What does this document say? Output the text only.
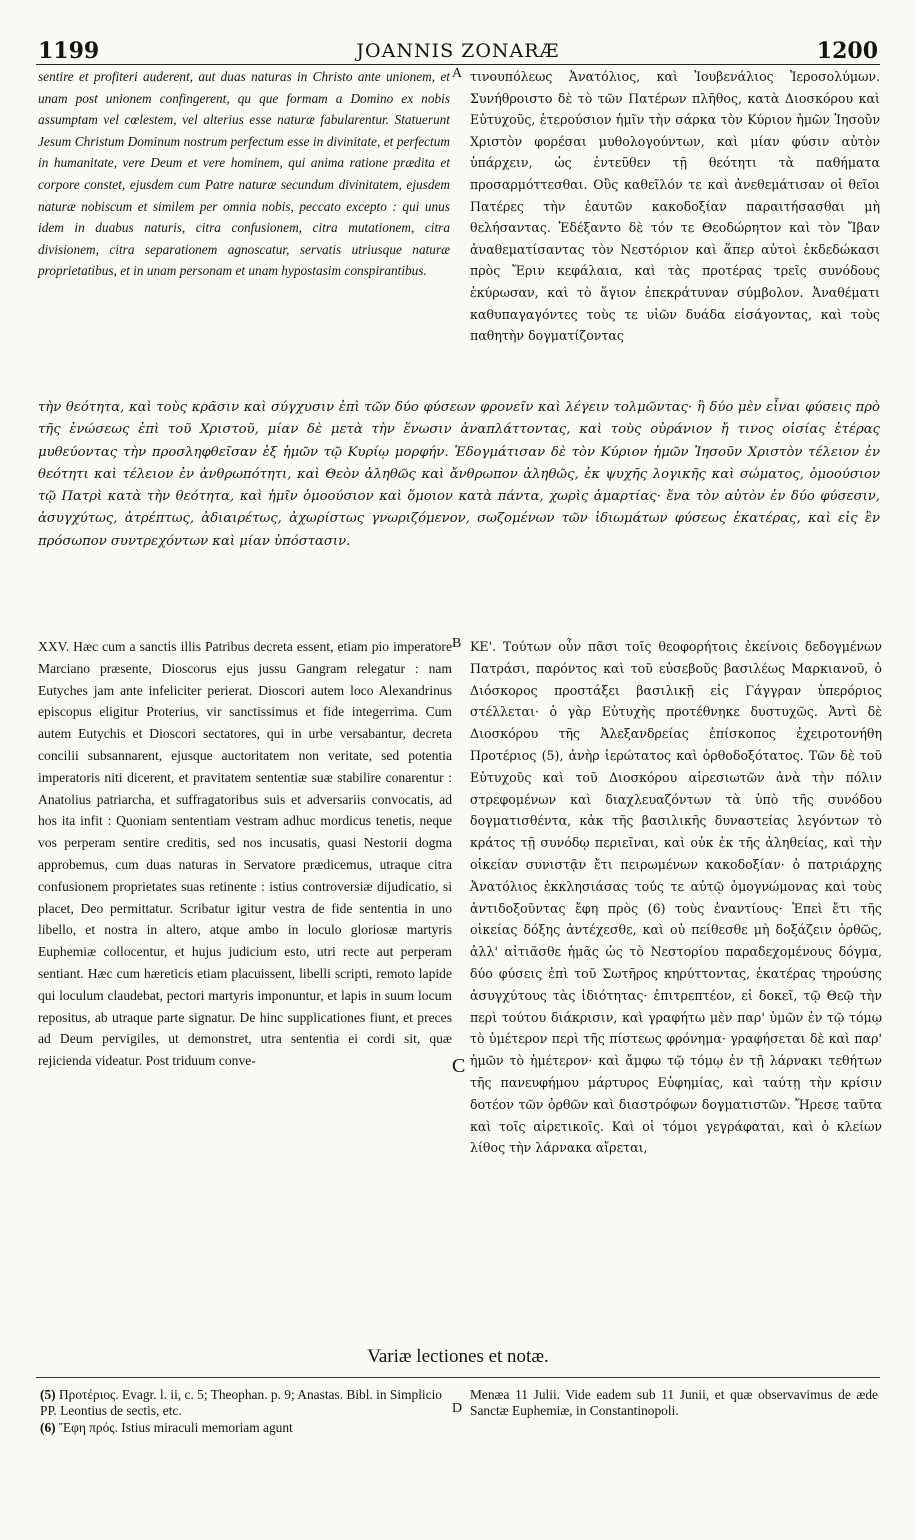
1199	JOANNIS ZONARÆ	1200
sentire et profiteri auderent, aut duas naturas in Christo ante unionem, et unam post unionem confingerent, qu que formam a Domino ex nobis assumptam vel cœlestem, vel alterius esse naturæ fabularentur. Statuerunt Jesum Christum Dominum nostrum perfectum esse in divinitate, et perfectum in humanitate, vere Deum et vere hominem, qui anima ratione prædita et corpore constet, ejusdem cum Patre naturæ secundum divinitatem, ejusdem naturæ nobiscum et similem per omnia nobis, peccato excepto : qui unus idem in duabus naturis, citra confusionem, citra mutationem, citra divisionem, citra separationem agnoscatur, servatis utriusque naturæ proprietatibus, et in unam personam et unam hypostasim conspirantibus.
A τινουπόλεως Ἀνατόλιος, καὶ Ἰουβενάλιος Ἱεροσολύμων. Συνήθροιστο δὲ τὸ τῶν Πατέρων πλῆθος, κατὰ Διοσκόρου καὶ Εὐτυχοῦς, ἑτερούσιον ἡμῖν τὴν σάρκα τὸν Κύριον ἡμῶν Ἰησοῦν Χριστὸν φορέσαι μυθολογούντων, καὶ μίαν φύσιν αὐτὸν ὑπάρχειν, ὡς ἐντεῦθεν τῇ θεότητι τὰ παθήματα προσαρμόττεσθαι. Οὓς καθεῖλόν τε καὶ ἀνεθεμάτισαν οἱ θεῖοι Πατέρες τὴν ἑαυτῶν κακοδοξίαν παραιτήσασθαι μὴ θελήσαντας. Ἐδέξαντο δὲ τόν τε Θεοδώρητον καὶ τὸν Ἴβαν ἀναθεματίσαντας τὸν Νεστόριον καὶ ἅπερ αὐτοὶ ἐκδεδώκασι πρὸς Ἔριν κεφάλαια, καὶ τὰς προτέρας τρεῖς συνόδους ἐκύρωσαν, καὶ τὸ ἅγιον ἐπεκράτυναν σύμβολον. Ἀναθέματι καθυπαγαγόντες τοὺς τε υἱῶν δυάδα εἰσάγοντας, καὶ τοὺς παθητὴν δογματίζοντας
τὴν θεότητα, καὶ τοὺς κρᾶσιν καὶ σύγχυσιν ἐπὶ τῶν δύο φύσεων φρονεῖν καὶ λέγειν τολμῶντας· ἢ δύο μὲν εἶναι φύσεις πρὸ τῆς ἑνώσεως ἐπὶ τοῦ Χριστοῦ, μίαν δὲ μετὰ τὴν ἕνωσιν ἀναπλάττοντας, καὶ τοὺς οὐράνιον ἤ τινος οἰσίας ἑτέρας μυθεύοντας τὴν προσληφθεῖσαν ἐξ ἡμῶν τῷ Κυρίῳ μορφήν. Ἐδογμάτισαν δὲ τὸν Κύριον ἡμῶν Ἰησοῦν Χριστὸν τέλειον ἐν θεότητι καὶ τέλειον ἐν ἀνθρωπότητι, καὶ Θεὸν ἀληθῶς καὶ ἄνθρωπον ἀληθῶς, ἐκ ψυχῆς λογικῆς καὶ σώματος, ὁμοούσιον τῷ Πατρὶ κατὰ τὴν θεότητα, καὶ ἡμῖν ὁμοούσιον καὶ ὅμοιον κατὰ πάντα, χωρὶς ἁμαρτίας· ἕνα τὸν αὐτὸν ἐν δύο φύσεσιν, ἀσυγχύτως, ἀτρέπτως, ἀδιαιρέτως, ἀχωρίστως γνωριζόμενον, σωζομένων τῶν ἰδιωμάτων φύσεως ἑκατέρας, καὶ εἰς ἓν πρόσωπον συντρεχόντων καὶ μίαν ὑπόστασιν.
XXV. Hæc cum a sanctis illis Patribus decreta essent, etiam pio imperatore Marciano præsente, Dioscorus ejus jussu Gangram relegatur : nam Eutyches jam ante infeliciter perierat. Dioscori autem loco Alexandrinus episcopus eligitur Proterius, vir sanctissimus et fide integerrima. Cum autem Eutychis et Dioscori sectatores, qui in urbe versabantur, decreta concilii subsannarent, ejusque auctoritatem non veritate, sed potentia imperatoris niti dicerent, et pravitatem sententiæ suæ stabilire conarentur : Anatolius patriarcha, et suffragatoribus suis et adversariis convocatis, ad hos ita infit : Quoniam sententiam vestram adhuc mordicus tenetis, neque vos perperam sentire creditis, sed nos incusatis, quasi Nestorii dogma approbemus, cum duas naturas in Servatore prædicemus, utraque citra confusionem proprietates suas retinente : istius controversiæ dijudicatio, si placet, Deo permittatur. Scribatur igitur vestra de fide sententia in uno libello, et nostra in altero, atque ambo in loculo gloriosæ martyris Euphemiæ collocentur, et hujus judicium esto, utri recte aut perperam sentiant. Hæc cum hæreticis etiam placuissent, libelli scripti, remoto lapide qui loculum claudebat, pectori martyris imponuntur, et lapis in suum locum repositus, ab utraque parte signatur. De hinc supplicationes fiunt, et preces ad Deum pervigiles, ut demonstret, utra sententia ei cordi sit, quæ rejicienda videatur. Post triduum conve-
B
C
ΚΕ'. Τούτων οὖν πᾶσι τοῖς θεοφορήτοις ἐκείνοις δεδογμένων Πατράσι, παρόντος καὶ τοῦ εὐσεβοῦς βασιλέως Μαρκιανοῦ, ὁ Διόσκορος προστάξει βασιλικῇ εἰς Γάγγραν ὑπερόριος στέλλεται· ὁ γὰρ Εὐτυχὴς προτέθνηκε δυστυχῶς. Ἀντὶ δὲ Διοσκόρου τῆς Ἀλεξανδρείας ἐπίσκοπος ἐχειροτονήθη Προτέριος (5), ἀνὴρ ἱερώτατος καὶ ὀρθοδοξότατος. Τῶν δὲ τοῦ Εὐτυχοῦς καὶ τοῦ Διοσκόρου αἱρεσιωτῶν ἀνὰ τὴν πόλιν στρεφομένων καὶ διαχλευαζόντων τὰ ὑπὸ τῆς συνόδου δογματισθέντα, κἀκ τῆς βασιλικῆς δυναστείας λεγόντων τὸ κράτος τῇ συνόδῳ περιεῖναι, καὶ οὐκ ἐκ τῆς ἀληθείας, καὶ τὴν οἰκείαν συνιστᾷν ἔτι πειρωμένων κακοδοξίαν· ὁ πατριάρχης Ἀνατόλιος ἐκκλησιάσας τούς τε αὐτῷ ὁμογνώμονας καὶ τοὺς ἀντιδοξοῦντας ἔφη πρὸς (6) τοὺς ἐναντίους· Ἐπεὶ ἔτι τῆς οἰκείας δόξης ἀντέχεσθε, καὶ οὐ πείθεσθε μὴ δοξάζειν ὀρθῶς, ἀλλ' αἰτιᾶσθε ἡμᾶς ὡς τὸ Νεστορίου παραδεχομένους δόγμα, δύο φύσεις ἐπὶ τοῦ Σωτῆρος κηρύττοντας, ἑκατέρας τηρούσης ἀσυγχύτους τὰς ἰδιότητας· ἐπιτρεπτέον, εἰ δοκεῖ, τῷ Θεῷ τὴν περὶ τούτου διάκρισιν, καὶ γραφήτω μὲν παρ' ὑμῶν ἐν τῷ τόμῳ τὸ ὑμέτερον περὶ τῆς πίστεως φρόνημα· γραφήσεται δὲ καὶ παρ' ἡμῶν τὸ ἡμέτερον· καὶ ἄμφω τῷ τόμῳ ἐν τῇ λάρνακι τεθήτων τῆς πανευφήμου μάρτυρος Εὐφημίας, καὶ ταύτῃ τὴν κρίσιν δοτέον τῶν ὀρθῶν καὶ διαστρόφων δογματιστῶν. Ἤρεσε ταῦτα καὶ τοῖς αἱρετικοῖς. Καὶ οἱ τόμοι γεγράφαται, καὶ ὁ κλείων λίθος τὴν λάρνακα αἴρεται,
Variæ lectiones et notæ.

(5) Προτέριος. Evagr. l. ii, c. 5; Theophan. p. 9; Anastas. Bibl. in Simplicio PP. Leontius de sectis, etc.

(6) Ἔφη πρός. Istius miraculi memoriam agunt

D
Menæa 11 Julii. Vide eadem sub 11 Junii, et quæ observavimus de æde Sanctæ Euphemiæ, in Constantinopoli.
